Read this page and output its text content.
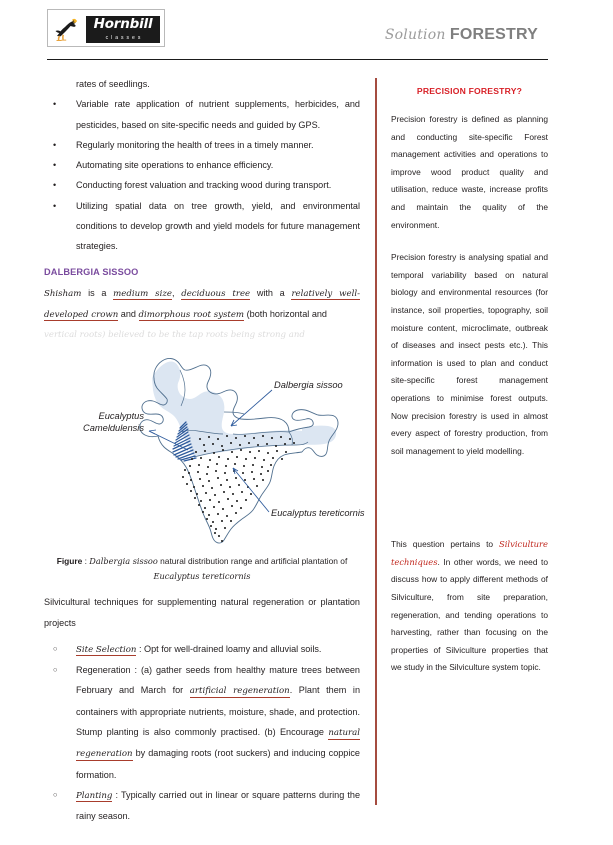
Hornbill
classes	Solution FORESTRY
rates of seedlings.
• Variable rate application of nutrient supplements, herbicides, and pesticides, based on site-specific needs and guided by GPS.
• Regularly monitoring the health of trees in a timely manner.
• Automating site operations to enhance efficiency.
• Conducting forest valuation and tracking wood during transport.
• Utilizing spatial data on tree growth, yield, and environmental conditions to develop growth and yield models for future management strategies.
DALBERGIA SISSOO

Shisham is a medium size, deciduous tree with a relatively well-developed crown and dimorphous root system (both horizontal and

vertical roots) believed to be the tap roots being strong and
Dalbergia sissoo
Eucalyptus
Cameldulensis
Eucalyptus tereticornis
Figure : Dalbergia sissoo natural distribution range and artificial plantation of
Eucalyptus tereticornis

Silvicultural techniques for supplementing natural regeneration or plantation projects

○ Site Selection : Opt for well-drained loamy and alluvial soils.
○ Regeneration : (a) gather seeds from healthy mature trees between February and March for artificial regeneration. Plant them in containers with appropriate nutrients, moisture, shade, and protection. Stump planting is also commonly practised. (b) Encourage natural regeneration by damaging roots (root suckers) and inducing coppice formation.
○ Planting : Typically carried out in linear or square patterns during the rainy season.
PRECISION FORESTRY?

Precision forestry is defined as planning and conducting site-specific Forest management activities and operations to improve wood product quality and utilisation, reduce waste, increase profits and maintain the quality of the environment.

Precision forestry is analysing spatial and temporal variability based on natural biology and environmental resources (for instance, soil properties, topography, soil moisture content, microclimate, outbreak of diseases and insect pests etc.). This information is used to plan and conduct site-specific forest management operations to minimise forest outputs. Now precision forestry is used in almost every aspect of forestry production, from soil management to yield modelling.

This question pertains to Silviculture techniques. In other words, we need to discuss how to apply different methods of Silviculture, from site preparation, regeneration, and tending operations to harvesting, rather than focusing on the properties of Silviculture properties that we study in the Silviculture system topic.
